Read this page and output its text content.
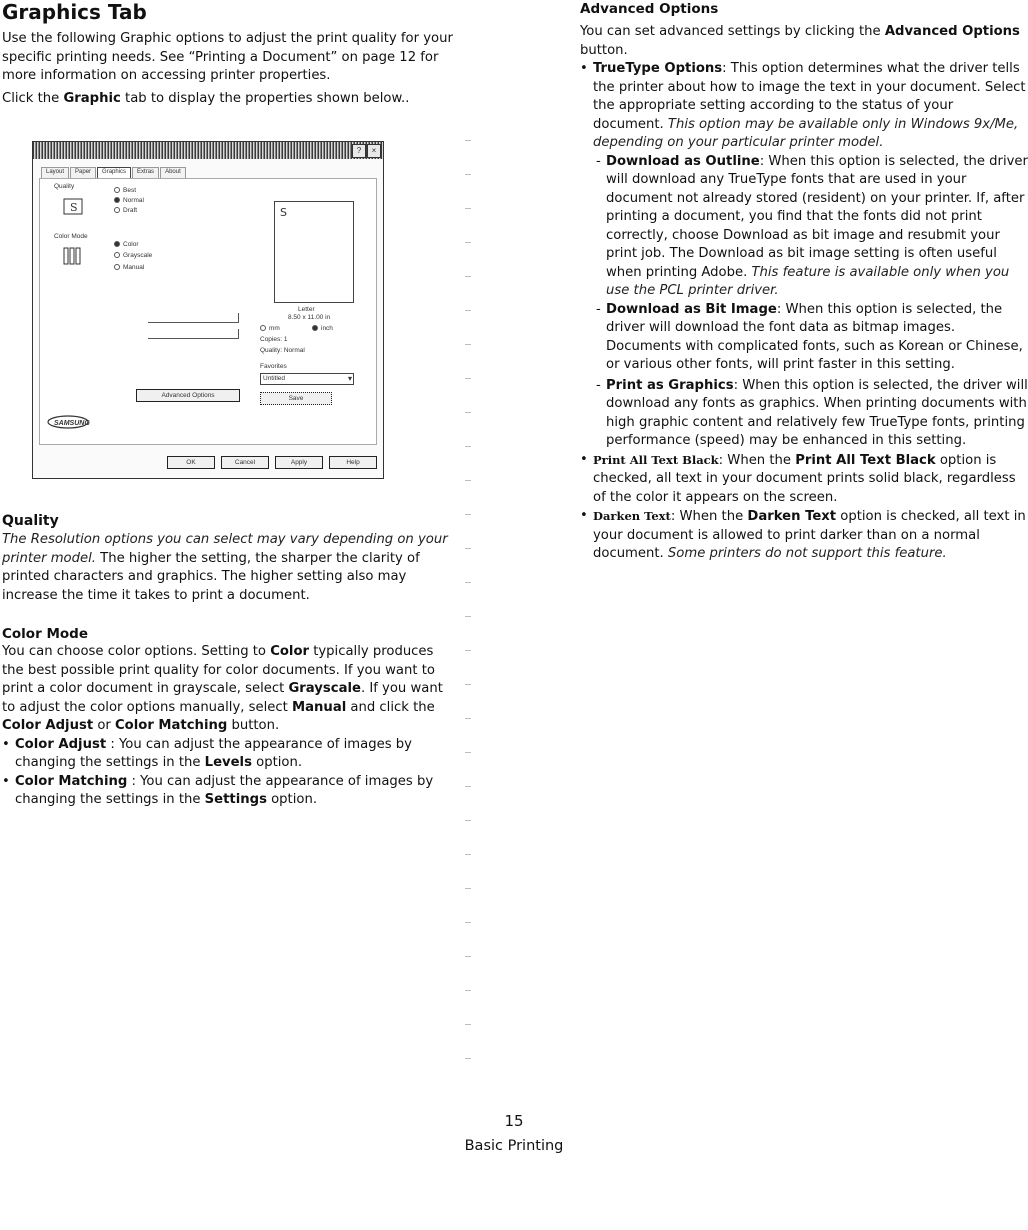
Graphics Tab

Use the following Graphic options to adjust the print quality for your specific printing needs. See “Printing a Document” on page 12 for more information on accessing printer properties.

Click the Graphic tab to display the properties shown below..

?	×
Layout	Paper	Graphics	Extras	About
Quality
S
Best
Normal
Draft
Color Mode
Color
Grayscale
Manual
S
Letter
8.50 x 11.00 in
mm	inch
Copies: 1
Quality: Normal
Favorites
Untitled	▾
Advanced Options	Save
SAMSUNG
OK	Cancel	Apply	Help

Quality

The Resolution options you can select may vary depending on your printer model. The higher the setting, the sharper the clarity of printed characters and graphics. The higher setting also may increase the time it takes to print a document.

Color Mode

You can choose color options. Setting to Color typically produces the best possible print quality for color documents. If you want to print a color document in grayscale, select Grayscale. If you want to adjust the color options manually, select Manual and click the Color Adjust or Color Matching button.

• Color Adjust : You can adjust the appearance of images by changing the settings in the Levels option.

• Color Matching : You can adjust the appearance of images by changing the settings in the Settings option.

Advanced Options

You can set advanced settings by clicking the Advanced Options button.

• TrueType Options: This option determines what the driver tells the printer about how to image the text in your document. Select the appropriate setting according to the status of your document. This option may be available only in Windows 9x/Me, depending on your particular printer model.

- Download as Outline: When this option is selected, the driver will download any TrueType fonts that are used in your document not already stored (resident) on your printer. If, after printing a document, you find that the fonts did not print correctly, choose Download as bit image and resubmit your print job. The Download as bit image setting is often useful when printing Adobe. This feature is available only when you use the PCL printer driver.

- Download as Bit Image: When this option is selected, the driver will download the font data as bitmap images. Documents with complicated fonts, such as Korean or Chinese, or various other fonts, will print faster in this setting.

- Print as Graphics: When this option is selected, the driver will download any fonts as graphics. When printing documents with high graphic content and relatively few TrueType fonts, printing performance (speed) may be enhanced in this setting.

• Print All Text Black: When the Print All Text Black option is checked, all text in your document prints solid black, regardless of the color it appears on the screen.

• Darken Text: When the Darken Text option is checked, all text in your document is allowed to print darker than on a normal document. Some printers do not support this feature.

15
Basic Printing
